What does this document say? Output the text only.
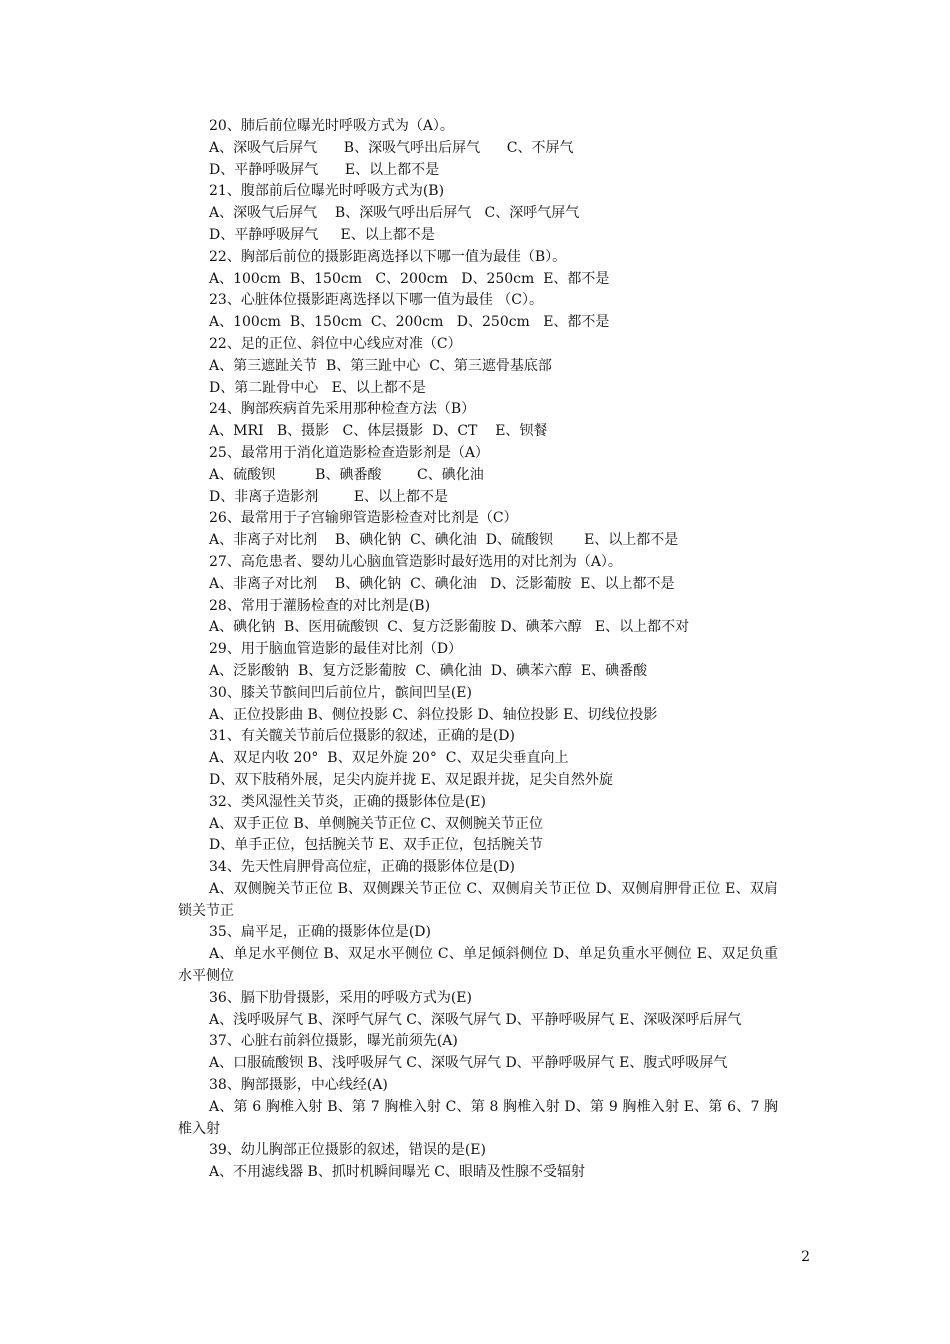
20、肺后前位曝光时呼吸方式为（A）。

A、深吸气后屏气      B、深吸气呼出后屏气      C、不屏气

D、平静呼吸屏气      E、以上都不是

21、腹部前后位曝光时呼吸方式为(B)

A、深吸气后屏气    B、深吸气呼出后屏气   C、深呼气屏气

D、平静呼吸屏气     E、以上都不是

22、胸部后前位的摄影距离选择以下哪一值为最佳（B）。

A、100cm  B、150cm   C、200cm   D、250cm  E、都不是

23、心脏体位摄影距离选择以下哪一值为最佳 （C）。

A、100cm  B、150cm  C、200cm   D、250cm   E、都不是

22、足的正位、斜位中心线应对准（C）

A、第三遮趾关节  B、第三趾中心  C、第三遮骨基底部

D、第二趾骨中心   E、以上都不是

24、胸部疾病首先采用那种检查方法（B）

A、MRI   B、摄影   C、体层摄影  D、CT    E、钡餐

25、最常用于消化道造影检查造影剂是（A）

A、硫酸钡         B、碘番酸        C、碘化油

D、非离子造影剂        E、以上都不是

26、最常用于子宫输卵管造影检查对比剂是（C）

A、非离子对比剂    B、碘化钠  C、碘化油  D、硫酸钡       E、以上都不是

27、高危患者、婴幼儿心脑血管造影时最好选用的对比剂为（A）。

A、非离子对比剂    B、碘化钠  C、碘化油   D、泛影葡胺  E、以上都不是

28、常用于灌肠检查的对比剂是(B)

A、碘化钠  B、医用硫酸钡  C、复方泛影葡胺 D、碘苯六醇   E、以上都不对

29、用于脑血管造影的最佳对比剂（D）

A、泛影酸钠  B、复方泛影葡胺  C、碘化油  D、碘苯六醇  E、碘番酸

30、膝关节髌间凹后前位片，髌间凹呈(E)

A、正位投影曲 B、侧位投影 C、斜位投影 D、轴位投影 E、切线位投影

31、有关髋关节前后位摄影的叙述，正确的是(D)

A、双足内收 20°  B、双足外旋 20°  C、双足尖垂直向上

D、双下肢稍外展，足尖内旋并拢 E、双足跟并拢，足尖自然外旋

32、类风湿性关节炎，正确的摄影体位是(E)

A、双手正位 B、单侧腕关节正位 C、双侧腕关节正位

D、单手正位，包括腕关节 E、双手正位，包括腕关节

34、先天性肩胛骨高位症，正确的摄影体位是(D)

A、双侧腕关节正位 B、双侧踝关节正位 C、双侧肩关节正位 D、双侧肩胛骨正位 E、双肩锁关节正

35、扁平足，正确的摄影体位是(D)

A、单足水平侧位 B、双足水平侧位 C、单足倾斜侧位 D、单足负重水平侧位 E、双足负重水平侧位

36、膈下肋骨摄影，采用的呼吸方式为(E)

A、浅呼吸屏气 B、深呼气屏气 C、深吸气屏气 D、平静呼吸屏气 E、深吸深呼后屏气

37、心脏右前斜位摄影，曝光前须先(A)

A、口服硫酸钡 B、浅呼吸屏气 C、深吸气屏气 D、平静呼吸屏气 E、腹式呼吸屏气

38、胸部摄影，中心线经(A)

A、第 6 胸椎入射 B、第 7 胸椎入射 C、第 8 胸椎入射 D、第 9 胸椎入射 E、第 6、7 胸椎入射

39、幼儿胸部正位摄影的叙述，错误的是(E)

A、不用滤线器 B、抓时机瞬间曝光 C、眼睛及性腺不受辐射

2
